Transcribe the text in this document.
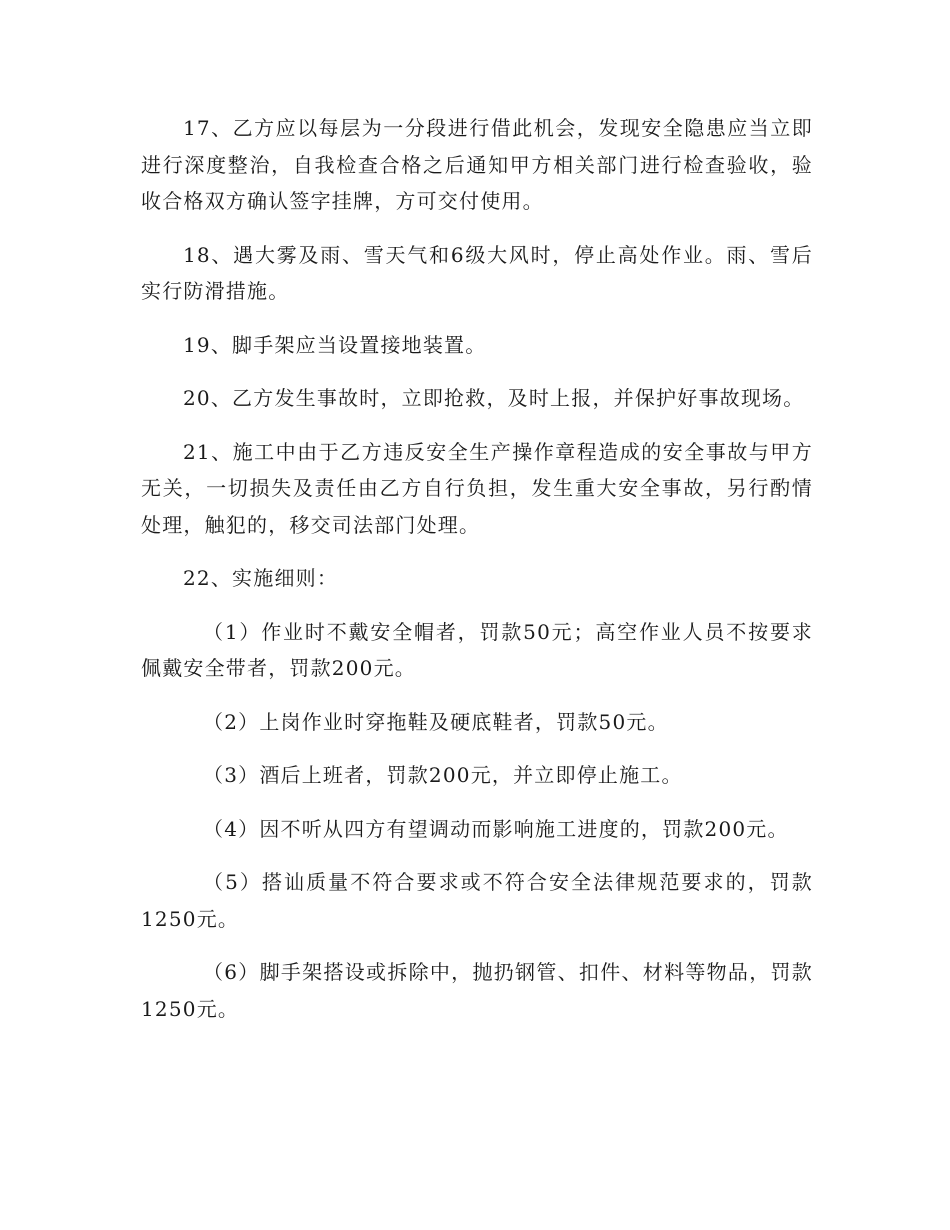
17、乙方应以每层为一分段进行借此机会，发现安全隐患应当立即进行深度整治，自我检查合格之后通知甲方相关部门进行检查验收，验收合格双方确认签字挂牌，方可交付使用。

18、遇大雾及雨、雪天气和6级大风时，停止高处作业。雨、雪后实行防滑措施。

19、脚手架应当设置接地装置。

20、乙方发生事故时，立即抢救，及时上报，并保护好事故现场。

21、施工中由于乙方违反安全生产操作章程造成的安全事故与甲方无关，一切损失及责任由乙方自行负担，发生重大安全事故，另行酌情处理，触犯的，移交司法部门处理。

22、实施细则：

（1）作业时不戴安全帽者，罚款50元；高空作业人员不按要求佩戴安全带者，罚款200元。

（2）上岗作业时穿拖鞋及硬底鞋者，罚款50元。

（3）酒后上班者，罚款200元，并立即停止施工。

（4）因不听从四方有望调动而影响施工进度的，罚款200元。

（5）搭讪质量不符合要求或不符合安全法律规范要求的，罚款1250元。

（6）脚手架搭设或拆除中，抛扔钢管、扣件、材料等物品，罚款1250元。
